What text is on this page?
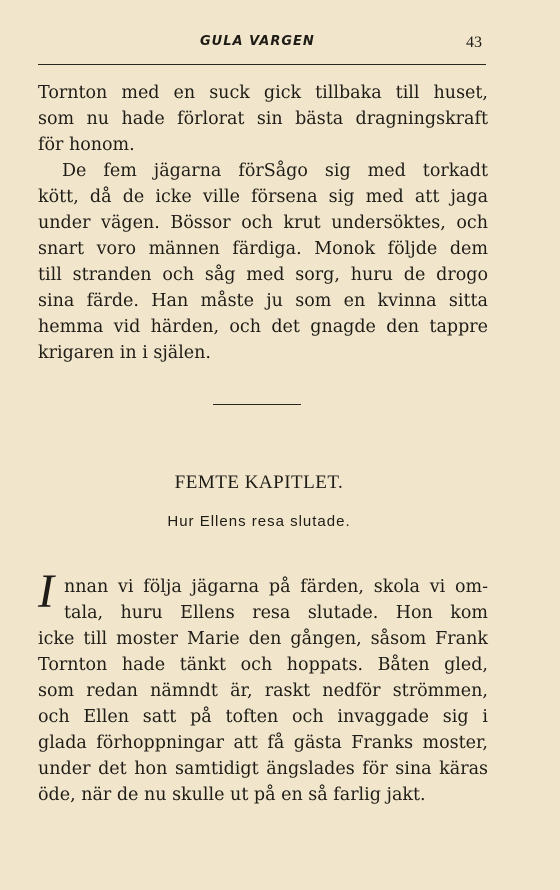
GULA VARGEN	43

Tornton med en suck gick tillbaka till huset,
som nu hade förlorat sin bästa dragningskraft
för honom.

De fem jägarna förSågo sig med torkadt
kött, då de icke ville försena sig med att jaga
under vägen. Bössor och krut undersöktes, och
snart voro männen färdiga. Monok följde dem
till stranden och såg med sorg, huru de drogo
sina färde. Han måste ju som en kvinna sitta
hemma vid härden, och det gnagde den tappre
krigaren in i själen.

FEMTE KAPITLET.
Hur Ellens resa slutade.
I nnan vi följa jägarna på färden, skola vi om-
tala, huru Ellens resa slutade. Hon kom
icke till moster Marie den gången, såsom Frank
Tornton hade tänkt och hoppats. Båten gled,
som redan nämndt är, raskt nedför strömmen,
och Ellen satt på toften och invaggade sig i
glada förhoppningar att få gästa Franks moster,
under det hon samtidigt ängslades för sina käras
öde, när de nu skulle ut på en så farlig jakt.
